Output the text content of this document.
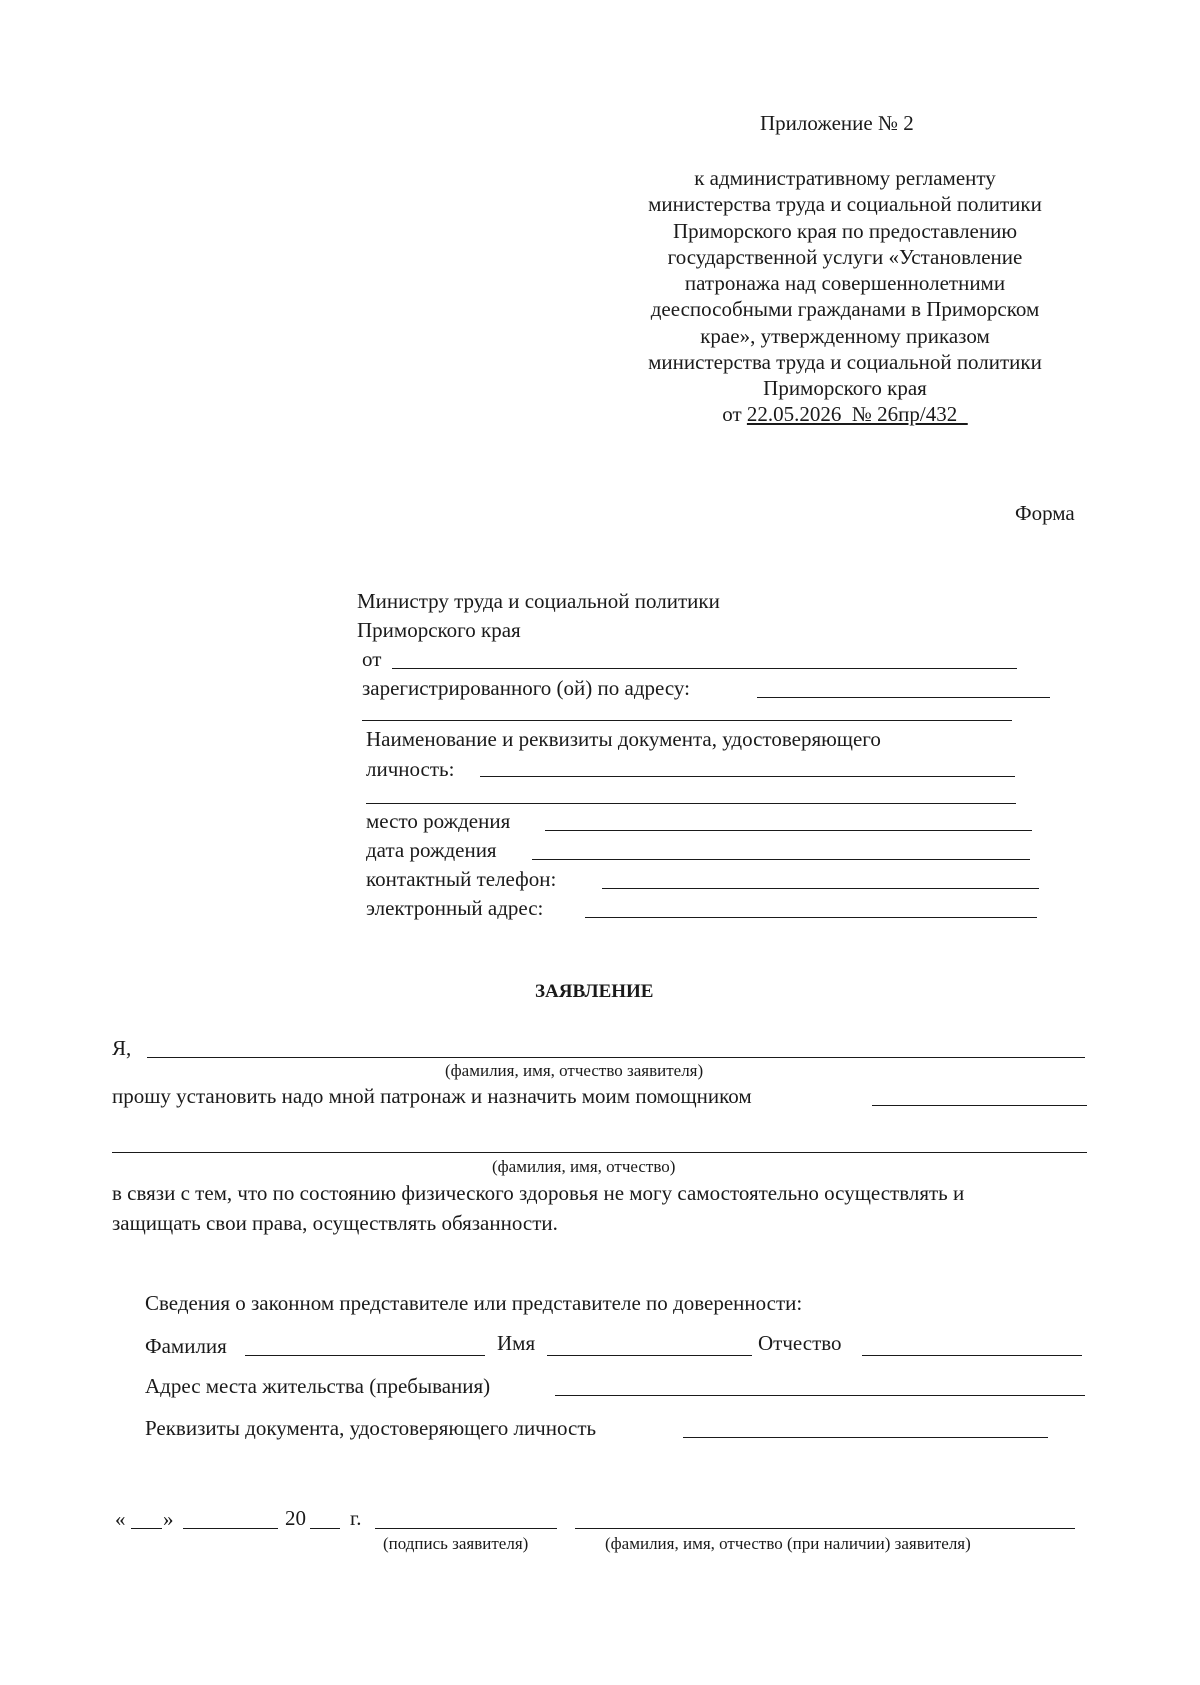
Приложение № 2
к административному регламенту
министерства труда и социальной политики
Приморского края по предоставлению
государственной услуги «Установление
патронажа над совершеннолетними
дееспособными гражданами в Приморском
крае», утвержденному приказом
министерства труда и социальной политики
Приморского края
от 22.05.2026  № 26пр/432
Форма
Министру труда и социальной политики
Приморского края
от
зарегистрированного (ой) по адресу:
Наименование и реквизиты документа, удостоверяющего
личность:
место рождения
дата рождения
контактный телефон:
электронный адрес:
ЗАЯВЛЕНИЕ
Я,
(фамилия, имя, отчество заявителя)
прошу установить надо мной патронаж и назначить моим помощником
(фамилия, имя, отчество)
в связи с тем, что по состоянию физического здоровья не могу самостоятельно осуществлять и
защищать свои права, осуществлять обязанности.
Сведения о законном представителе или представителе по доверенности:
Фамилия	Имя	Отчество
Адрес места жительства (пребывания)
Реквизиты документа, удостоверяющего личность
« »	20 г.
(подпись заявителя)	(фамилия, имя, отчество (при наличии) заявителя)
